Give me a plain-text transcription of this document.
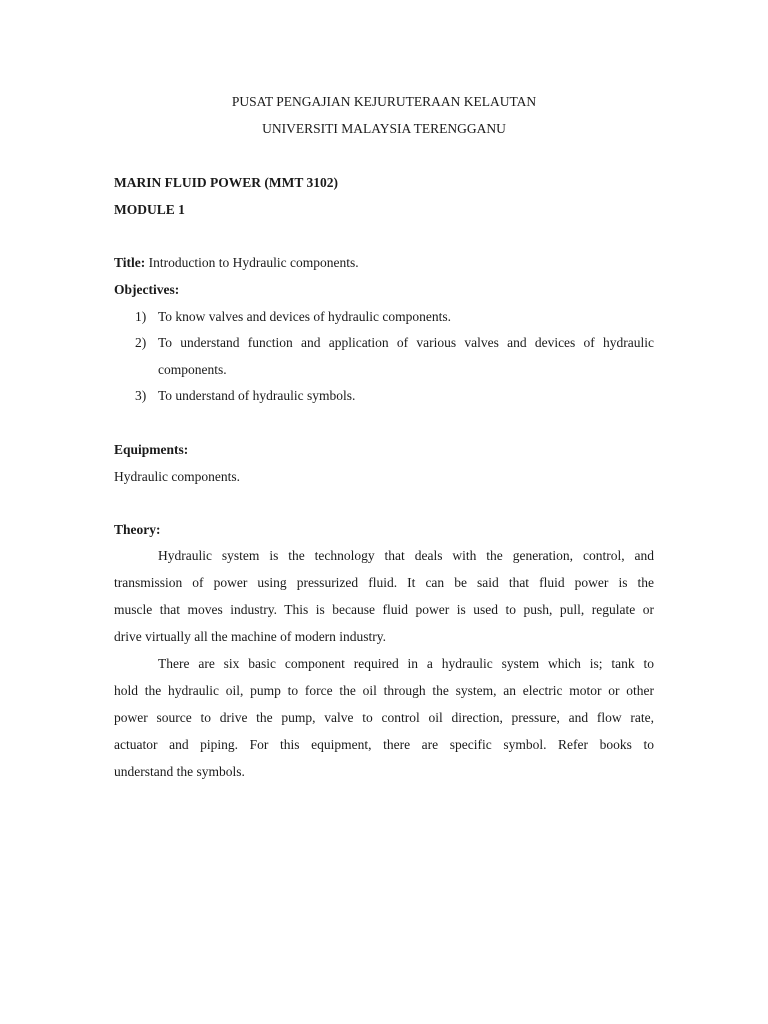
PUSAT PENGAJIAN KEJURUTERAAN KELAUTAN
UNIVERSITI MALAYSIA TERENGGANU
MARIN FLUID POWER (MMT 3102)
MODULE 1
Title: Introduction to Hydraulic components.
Objectives:
1) To know valves and devices of hydraulic components.
2) To understand function and application of various valves and devices of hydraulic
components.
3) To understand of hydraulic symbols.
Equipments:
Hydraulic components.
Theory:
Hydraulic system is the technology that deals with the generation, control, and
transmission of power using pressurized fluid. It can be said that fluid power is the
muscle that moves industry. This is because fluid power is used to push, pull, regulate or
drive virtually all the machine of modern industry.
There are six basic component required in a hydraulic system which is; tank to
hold the hydraulic oil, pump to force the oil through the system, an electric motor or other
power source to drive the pump, valve to control oil direction, pressure, and flow rate,
actuator and piping. For this equipment, there are specific symbol. Refer books to
understand the symbols.
